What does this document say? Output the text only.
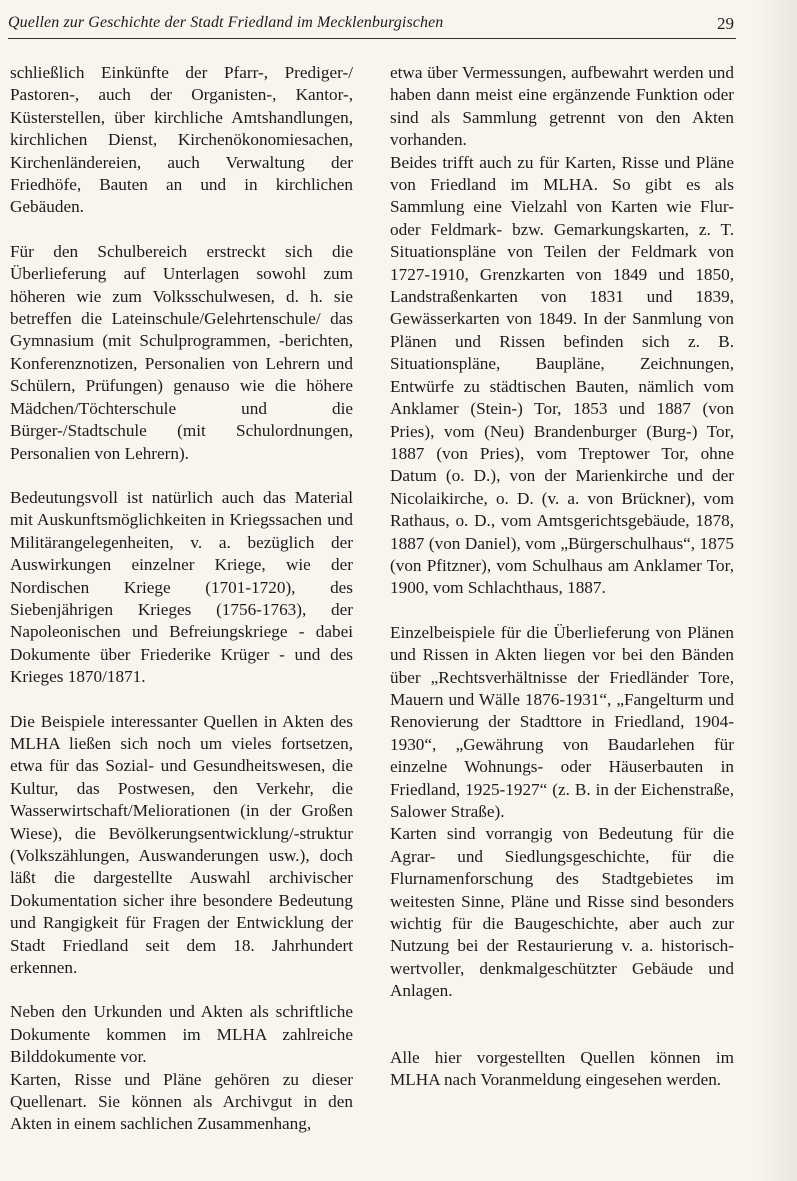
Quellen zur Geschichte der Stadt Friedland im Mecklenburgischen	29

schließlich Einkünfte der Pfarr-, Prediger-/ Pastoren-, auch der Organisten-, Kantor-, Küsterstellen, über kirchliche Amtshandlungen, kirchlichen Dienst, Kirchenökonomiesachen, Kirchenländereien, auch Verwaltung der Friedhöfe, Bauten an und in kirchlichen Gebäuden.

Für den Schulbereich erstreckt sich die Überlieferung auf Unterlagen sowohl zum höheren wie zum Volksschulwesen, d. h. sie betreffen die Lateinschule/Gelehrtenschule/ das Gymnasium (mit Schulprogrammen, -berichten, Konferenznotizen, Personalien von Lehrern und Schülern, Prüfungen) genauso wie die höhere Mädchen/Töchterschule und die Bürger-/Stadtschule (mit Schulordnungen, Personalien von Lehrern).

Bedeutungsvoll ist natürlich auch das Material mit Auskunftsmöglichkeiten in Kriegssachen und Militärangelegenheiten, v. a. bezüglich der Auswirkungen einzelner Kriege, wie der Nordischen Kriege (1701-1720), des Siebenjährigen Krieges (1756-1763), der Napoleonischen und Befreiungskriege - dabei Dokumente über Friederike Krüger - und des Krieges 1870/1871.

Die Beispiele interessanter Quellen in Akten des MLHA ließen sich noch um vieles fortsetzen, etwa für das Sozial- und Gesundheitswesen, die Kultur, das Postwesen, den Verkehr, die Wasserwirtschaft/Meliorationen (in der Großen Wiese), die Bevölkerungsentwicklung/-struktur (Volkszählungen, Auswanderungen usw.), doch läßt die dargestellte Auswahl archivischer Dokumentation sicher ihre besondere Bedeutung und Rangigkeit für Fragen der Entwicklung der Stadt Friedland seit dem 18. Jahrhundert erkennen.

Neben den Urkunden und Akten als schriftliche Dokumente kommen im MLHA zahlreiche Bilddokumente vor.

Karten, Risse und Pläne gehören zu dieser Quellenart. Sie können als Archivgut in den Akten in einem sachlichen Zusammenhang,

etwa über Vermessungen, aufbewahrt werden und haben dann meist eine ergänzende Funktion oder sind als Sammlung getrennt von den Akten vorhanden.

Beides trifft auch zu für Karten, Risse und Pläne von Friedland im MLHA. So gibt es als Sammlung eine Vielzahl von Karten wie Flur- oder Feldmark- bzw. Gemarkungskarten, z. T. Situationspläne von Teilen der Feldmark von 1727-1910, Grenzkarten von 1849 und 1850, Landstraßenkarten von 1831 und 1839, Gewässerkarten von 1849. In der Sanmlung von Plänen und Rissen befinden sich z. B. Situationspläne, Baupläne, Zeichnungen, Entwürfe zu städtischen Bauten, nämlich vom Anklamer (Stein-) Tor, 1853 und 1887 (von Pries), vom (Neu) Brandenburger (Burg-) Tor, 1887 (von Pries), vom Treptower Tor, ohne Datum (o. D.), von der Marienkirche und der Nicolaikirche, o. D. (v. a. von Brückner), vom Rathaus, o. D., vom Amtsgerichtsgebäude, 1878, 1887 (von Daniel), vom „Bürgerschulhaus“, 1875 (von Pfitzner), vom Schulhaus am Anklamer Tor, 1900, vom Schlachthaus, 1887.

Einzelbeispiele für die Überlieferung von Plänen und Rissen in Akten liegen vor bei den Bänden über „Rechtsverhältnisse der Friedländer Tore, Mauern und Wälle 1876-1931“, „Fangelturm und Renovierung der Stadttore in Friedland, 1904-1930“, „Gewährung von Baudarlehen für einzelne Wohnungs- oder Häuserbauten in Friedland, 1925-1927“ (z. B. in der Eichenstraße, Salower Straße).

Karten sind vorrangig von Bedeutung für die Agrar- und Siedlungsgeschichte, für die Flurnamenforschung des Stadtgebietes im weitesten Sinne, Pläne und Risse sind besonders wichtig für die Baugeschichte, aber auch zur Nutzung bei der Restaurierung v. a. historisch-wertvoller, denkmalgeschützter Gebäude und Anlagen.

Alle hier vorgestellten Quellen können im MLHA nach Voranmeldung eingesehen werden.
